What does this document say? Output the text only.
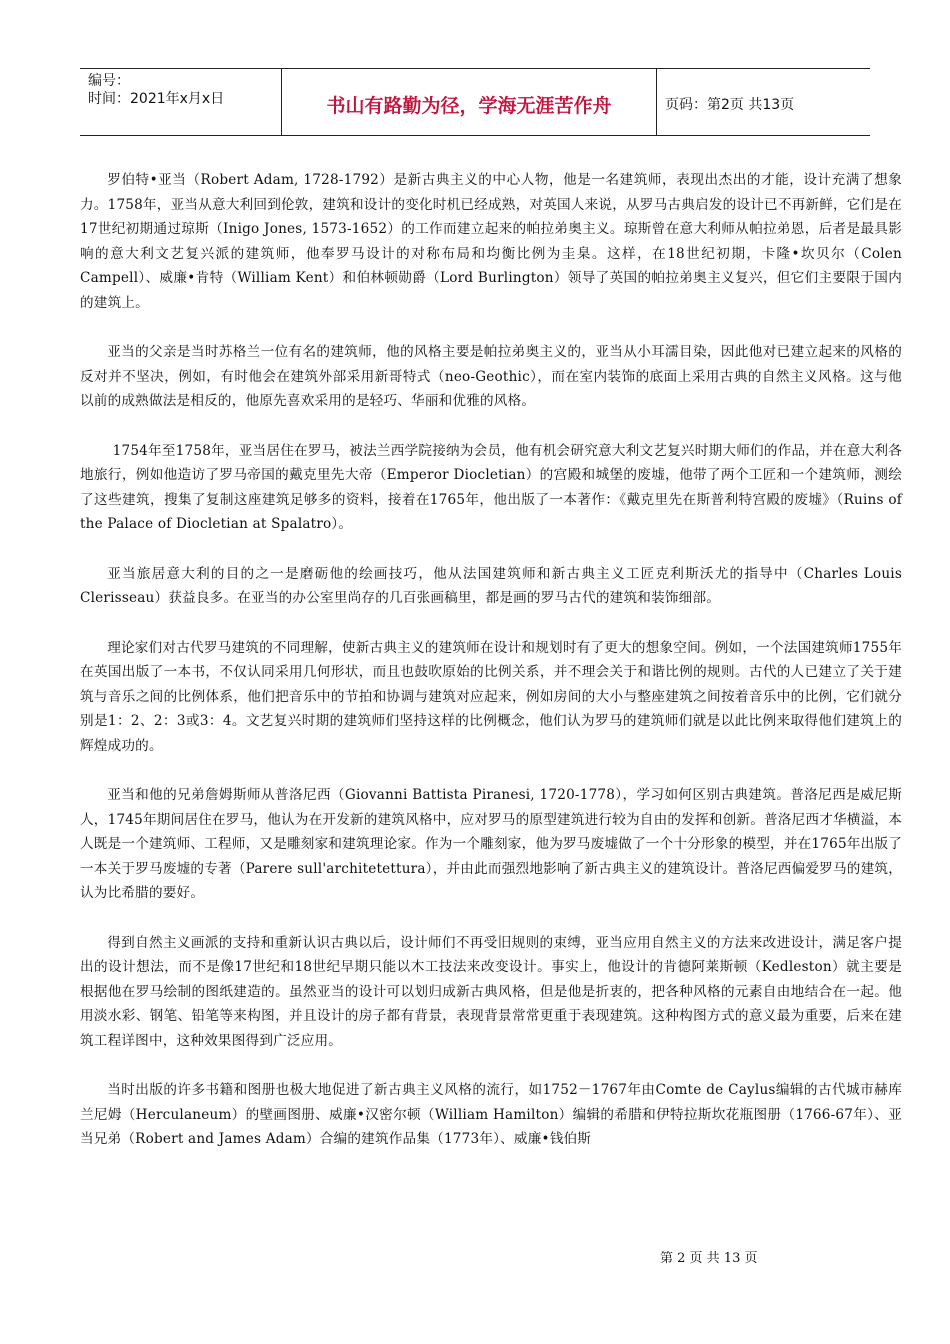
编号：
时间：2021年x月x日	书山有路勤为径，学海无涯苦作舟	页码：第2页 共13页

罗伯特•亚当（Robert Adam, 1728-1792）是新古典主义的中心人物，他是一名建筑师，表现出杰出的才能，设计充满了想象力。1758年，亚当从意大利回到伦敦，建筑和设计的变化时机已经成熟，对英国人来说，从罗马古典启发的设计已不再新鲜，它们是在17世纪初期通过琼斯（Inigo Jones, 1573-1652）的工作而建立起来的帕拉弟奥主义。琼斯曾在意大利师从帕拉弟恩，后者是最具影响的意大利文艺复兴派的建筑师，他奉罗马设计的对称布局和均衡比例为圭臬。这样，在18世纪初期，卡隆•坎贝尔（Colen Campell）、威廉•肯特（William Kent）和伯林顿勋爵（Lord Burlington）领导了英国的帕拉弟奥主义复兴，但它们主要限于国内的建筑上。

亚当的父亲是当时苏格兰一位有名的建筑师，他的风格主要是帕拉弟奥主义的，亚当从小耳濡目染，因此他对已建立起来的风格的反对并不坚决，例如，有时他会在建筑外部采用新哥特式（neo-Geothic），而在室内装饰的底面上采用古典的自然主义风格。这与他以前的成熟做法是相反的，他原先喜欢采用的是轻巧、华丽和优雅的风格。

1754年至1758年，亚当居住在罗马，被法兰西学院接纳为会员，他有机会研究意大利文艺复兴时期大师们的作品，并在意大利各地旅行，例如他造访了罗马帝国的戴克里先大帝（Emperor Diocletian）的宫殿和城堡的废墟，他带了两个工匠和一个建筑师，测绘了这些建筑，搜集了复制这座建筑足够多的资料，接着在1765年，他出版了一本著作：《戴克里先在斯普利特宫殿的废墟》（Ruins of the Palace of Diocletian at Spalatro）。

亚当旅居意大利的目的之一是磨砺他的绘画技巧，他从法国建筑师和新古典主义工匠克利斯沃尤的指导中（Charles Louis Clerisseau）获益良多。在亚当的办公室里尚存的几百张画稿里，都是画的罗马古代的建筑和装饰细部。

理论家们对古代罗马建筑的不同理解，使新古典主义的建筑师在设计和规划时有了更大的想象空间。例如，一个法国建筑师1755年在英国出版了一本书，不仅认同采用几何形状，而且也鼓吹原始的比例关系，并不理会关于和谐比例的规则。古代的人已建立了关于建筑与音乐之间的比例体系，他们把音乐中的节拍和协调与建筑对应起来，例如房间的大小与整座建筑之间按着音乐中的比例，它们就分别是1：2、2：3或3：4。文艺复兴时期的建筑师们坚持这样的比例概念，他们认为罗马的建筑师们就是以此比例来取得他们建筑上的辉煌成功的。

亚当和他的兄弟詹姆斯师从普洛尼西（Giovanni Battista Piranesi, 1720-1778），学习如何区别古典建筑。普洛尼西是威尼斯人，1745年期间居住在罗马，他认为在开发新的建筑风格中，应对罗马的原型建筑进行较为自由的发挥和创新。普洛尼西才华横溢，本人既是一个建筑师、工程师，又是雕刻家和建筑理论家。作为一个雕刻家，他为罗马废墟做了一个十分形象的模型，并在1765年出版了一本关于罗马废墟的专著（Parere sull'architetettura），并由此而强烈地影响了新古典主义的建筑设计。普洛尼西偏爱罗马的建筑，认为比希腊的要好。

得到自然主义画派的支持和重新认识古典以后，设计师们不再受旧规则的束缚，亚当应用自然主义的方法来改进设计，满足客户提出的设计想法，而不是像17世纪和18世纪早期只能以木工技法来改变设计。事实上，他设计的肯德阿莱斯顿（Kedleston）就主要是根据他在罗马绘制的图纸建造的。虽然亚当的设计可以划归成新古典风格，但是他是折衷的，把各种风格的元素自由地结合在一起。他用淡水彩、钢笔、铅笔等来构图，并且设计的房子都有背景，表现背景常常更重于表现建筑。这种构图方式的意义最为重要，后来在建筑工程详图中，这种效果图得到广泛应用。

当时出版的许多书籍和图册也极大地促进了新古典主义风格的流行，如1752－1767年由Comte de Caylus编辑的古代城市赫库兰尼姆（Herculaneum）的壁画图册、威廉•汉密尔顿（William Hamilton）编辑的希腊和伊特拉斯坎花瓶图册（1766-67年）、亚当兄弟（Robert and James Adam）合编的建筑作品集（1773年）、威廉•钱伯斯

第 2 页 共 13 页
